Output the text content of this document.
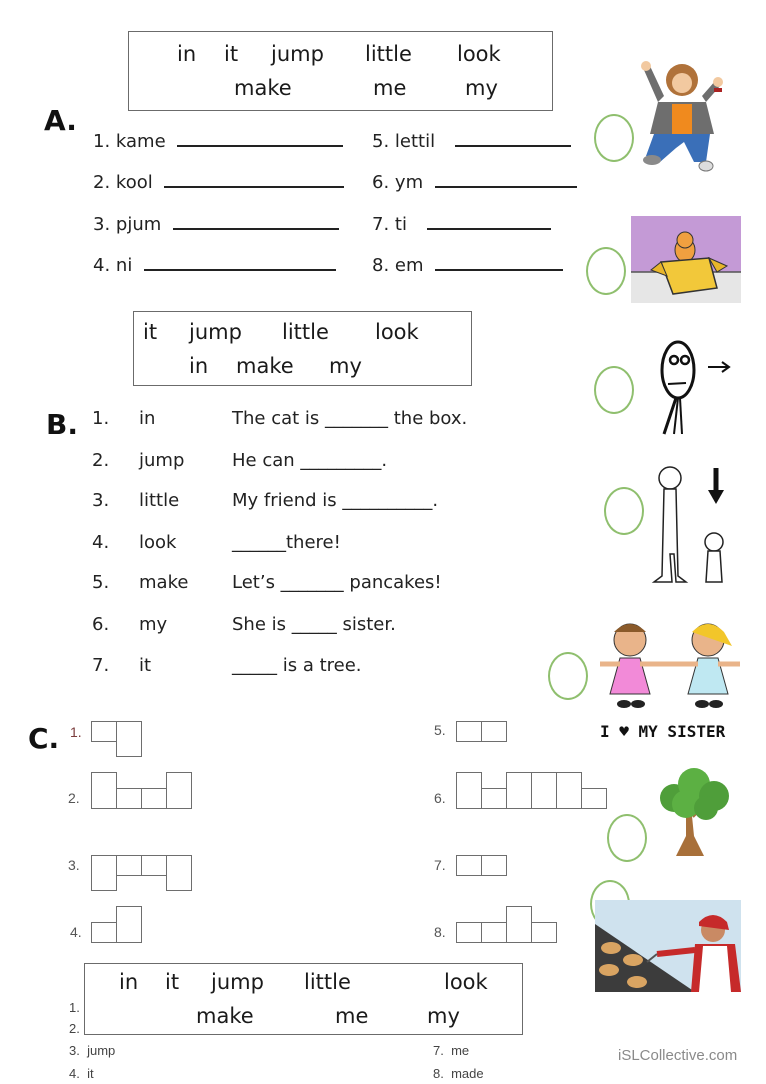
in it jump little look
make	me	my
A.
1. kame
2. kool
3. pjum
4. ni
5. lettil
6. ym
7. ti
8. em
it jump little look
in make my
B. 1. in	The cat is _______ the box.
2. jump	He can _________.
3. little	My friend is __________.
4. look	______there!
5. make Let’s _______ pancakes!
6. my	She is _____ sister.
7. it	_____ is a tree.
I ♥ MY SISTER
C. 1.
2.
3.
4.
5.
6.
7.
8.
1.
2.
3. jump
4. it
7. me
8. made
in it jump little	look
make	me	my
iSLCollective.com
